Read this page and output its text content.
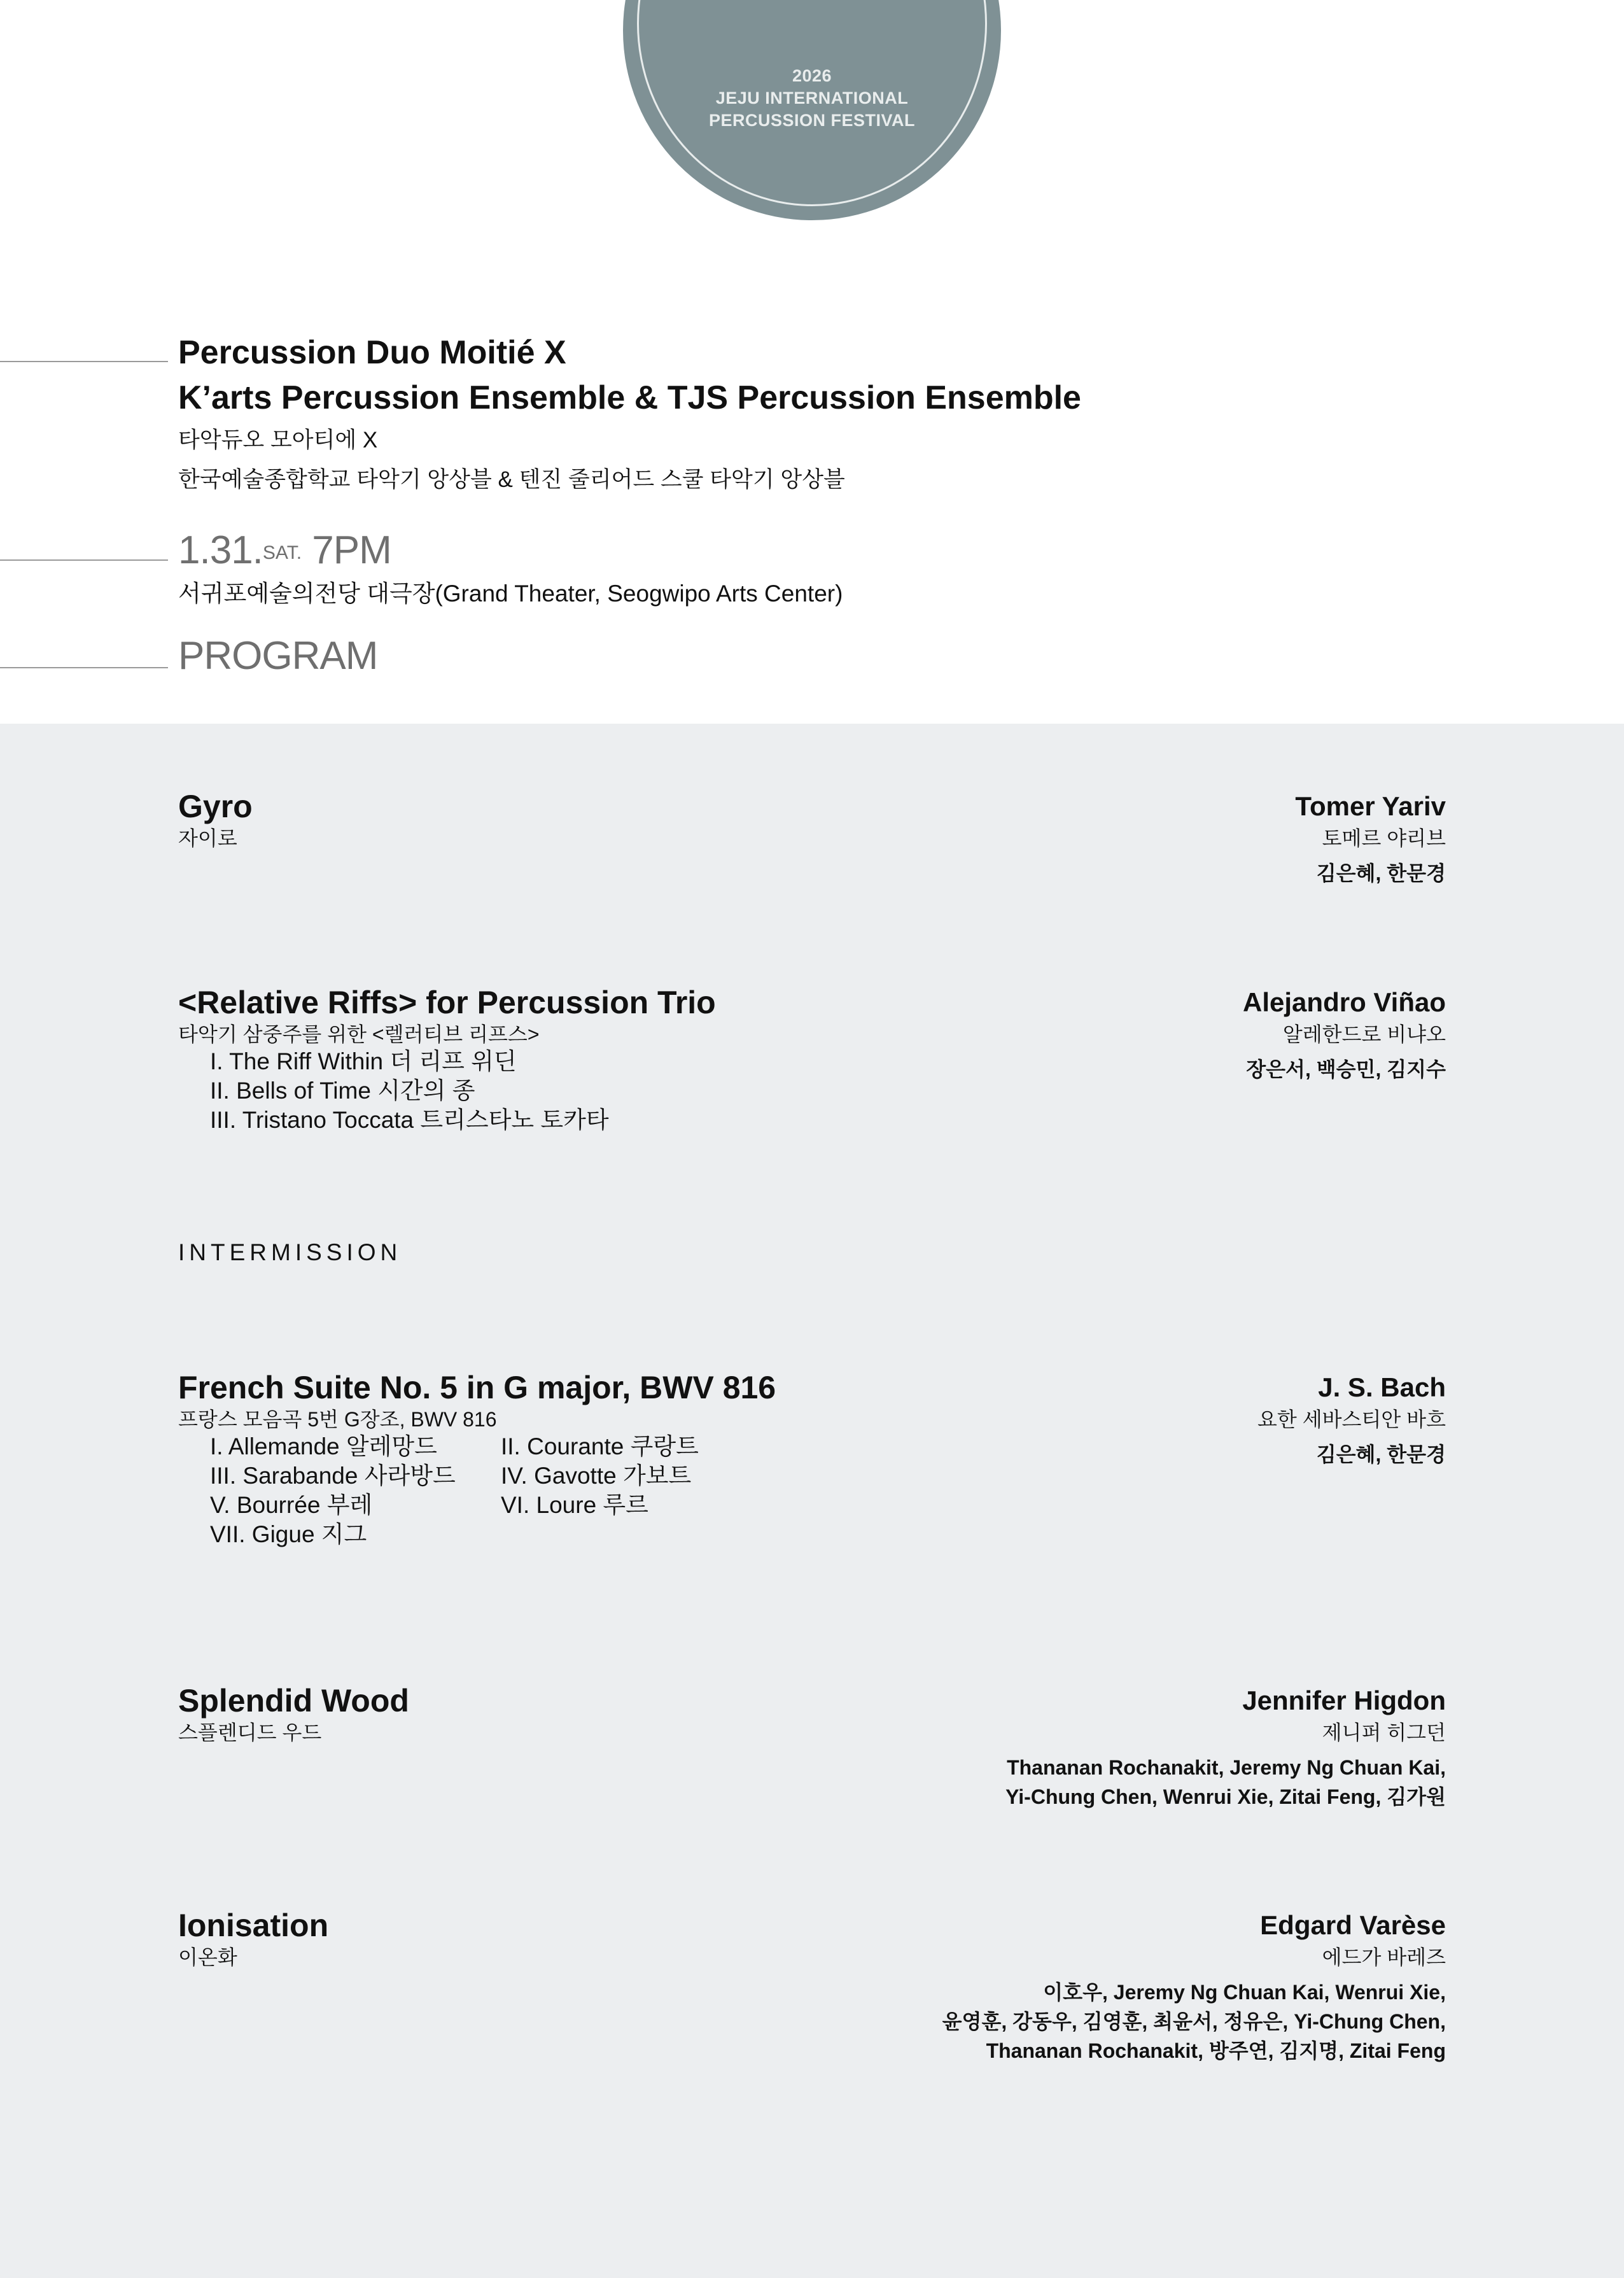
2026
JEJU INTERNATIONAL
PERCUSSION FESTIVAL
Percussion Duo Moitié X
K’arts Percussion Ensemble & TJS Percussion Ensemble
타악듀오 모아티에 X
한국예술종합학교 타악기 앙상블 & 텐진 줄리어드 스쿨 타악기 앙상블
1.31.$^{SAT.}$ 7PM
서귀포예술의전당 대극장(Grand Theater, Seogwipo Arts Center)
PROGRAM
Gyro
자이로
Tomer Yariv
토메르 야리브
김은혜, 한문경
<Relative Riffs> for Percussion Trio
타악기 삼중주를 위한 <렐러티브 리프스>
I. The Riff Within 더 리프 위딘
II. Bells of Time 시간의 종
III. Tristano Toccata 트리스타노 토카타
Alejandro Viñao
알레한드로 비냐오
장은서, 백승민, 김지수
INTERMISSION
French Suite No. 5 in G major, BWV 816
프랑스 모음곡 5번 G장조, BWV 816
I. Allemande 알레망드	II. Courante 쿠랑트
III. Sarabande 사라방드	IV. Gavotte 가보트
V. Bourrée 부레	VI. Loure 루르
VII. Gigue 지그
J. S. Bach
요한 세바스티안 바흐
김은혜, 한문경
Splendid Wood
스플렌디드 우드
Jennifer Higdon
제니퍼 히그던
Thananan Rochanakit, Jeremy Ng Chuan Kai,
Yi-Chung Chen, Wenrui Xie, Zitai Feng, 김가원
Ionisation
이온화
Edgard Varèse
에드가 바레즈
이호우, Jeremy Ng Chuan Kai, Wenrui Xie,
윤영훈, 강동우, 김영훈, 최윤서, 정유은, Yi-Chung Chen,
Thananan Rochanakit, 방주연, 김지명, Zitai Feng
